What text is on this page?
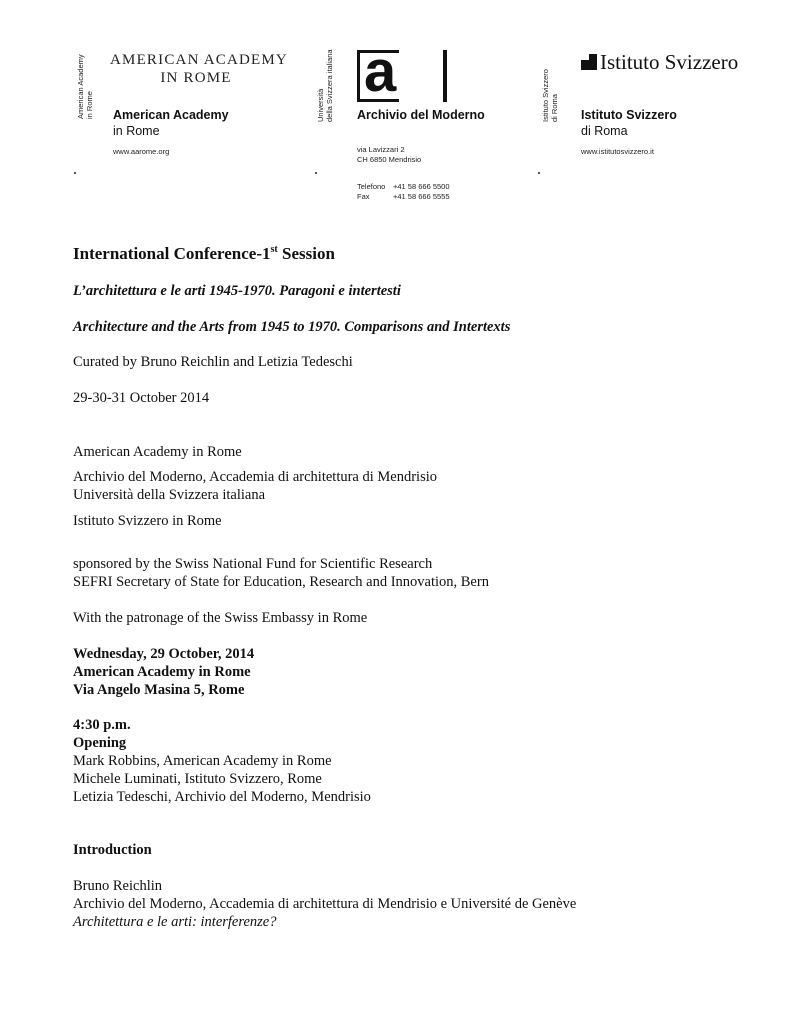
American Academy
in Rome
AMERICAN ACADEMY
IN ROME
American Academy
in Rome
www.aarome.org
Università
della Svizzera italiana a
Archivio del Moderno
via Lavizzari 2
CH 6850 Mendrisio
Telefono +41 58 666 5500
Fax	+41 58 666 5555
Istituto Svizzero
di Roma
Istituto Svizzero
Istituto Svizzero
di Roma
www.istitutosvizzero.it
International Conference-1st Session
L’architettura e le arti 1945-1970. Paragoni e intertesti
Architecture and the Arts from 1945 to 1970. Comparisons and Intertexts
Curated by Bruno Reichlin and Letizia Tedeschi
29-30-31 October 2014
American Academy in Rome
Archivio del Moderno, Accademia di architettura di Mendrisio
Università della Svizzera italiana
Istituto Svizzero in Rome
sponsored by the Swiss National Fund for Scientific Research
SEFRI Secretary of State for Education, Research and Innovation, Bern
With the patronage of the Swiss Embassy in Rome
Wednesday, 29 October, 2014
American Academy in Rome
Via Angelo Masina 5, Rome
4:30 p.m.
Opening
Mark Robbins, American Academy in Rome
Michele Luminati, Istituto Svizzero, Rome
Letizia Tedeschi, Archivio del Moderno, Mendrisio
Introduction
Bruno Reichlin
Archivio del Moderno, Accademia di architettura di Mendrisio e Université de Genève
Architettura e le arti: interferenze?
